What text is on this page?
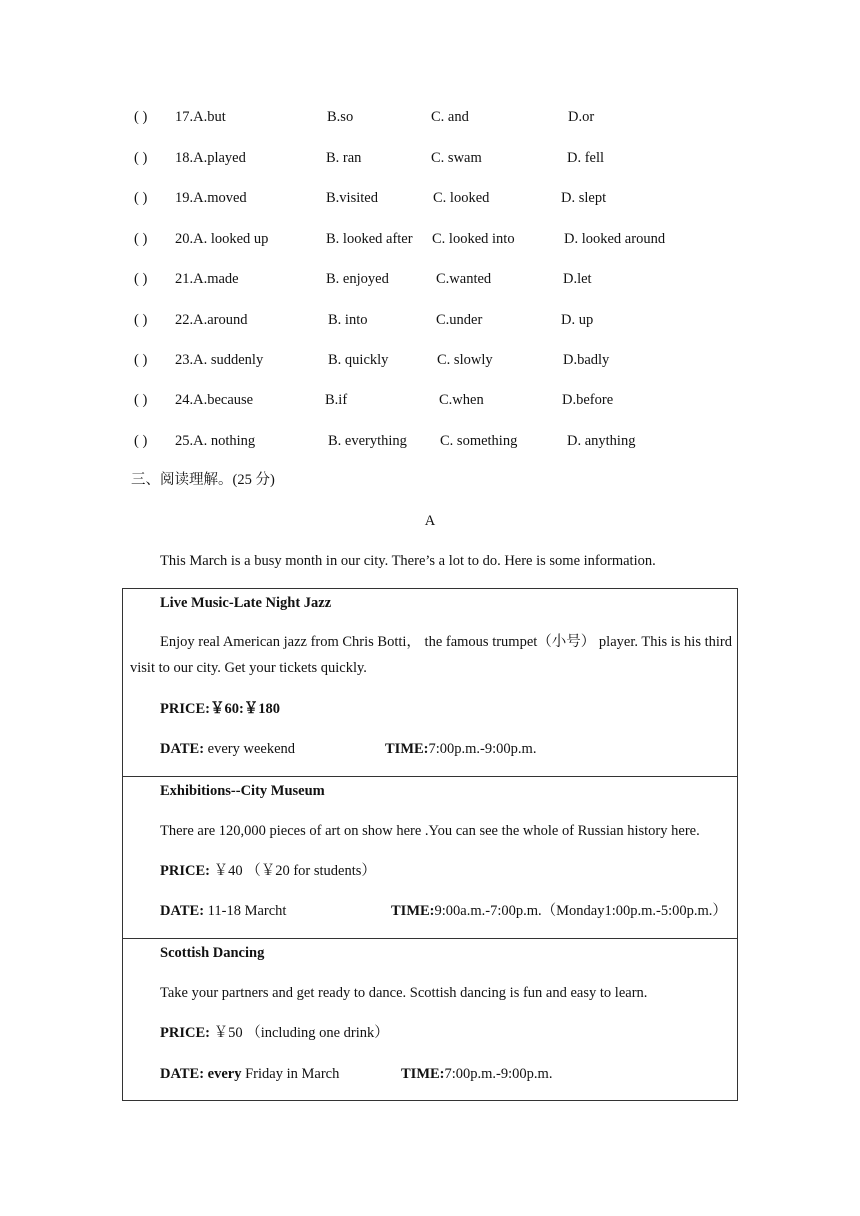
( ) 17.A.but	B.so	C. and	D.or
( ) 18.A.played	B. ran	C. swam	D. fell
( ) 19.A.moved	B.visited	C. looked	D. slept
( ) 20.A. looked up	B. looked after C. looked into	D. looked around
( ) 21.A.made	B. enjoyed	C.wanted	D.let
( ) 22.A.around	B. into	C.under	D. up
( ) 23.A. suddenly	B. quickly	C. slowly	D.badly
( ) 24.A.because	B.if	C.when	D.before
( ) 25.A. nothing	B. everything C. something	D. anything
三、阅读理解。(25 分)
A
This March is a busy month in our city. There’s a lot to do. Here is some information.
Live Music-Late Night Jazz
Enjoy real American jazz from Chris Botti， the famous trumpet（小号） player. This is his third visit to our city. Get your tickets quickly.
PRICE:￥60:￥180
DATE: every weekend	TIME:7:00p.m.-9:00p.m.
Exhibitions--City Museum
There are 120,000 pieces of art on show here .You can see the whole of Russian history here.
PRICE: ￥40 （￥20 for students）
DATE: 11-18 Marcht	TIME:9:00a.m.-7:00p.m.（Monday1:00p.m.-5:00p.m.）
Scottish Dancing
Take your partners and get ready to dance. Scottish dancing is fun and easy to learn.
PRICE: ￥50 （including one drink）
DATE: every Friday in March	TIME:7:00p.m.-9:00p.m.
